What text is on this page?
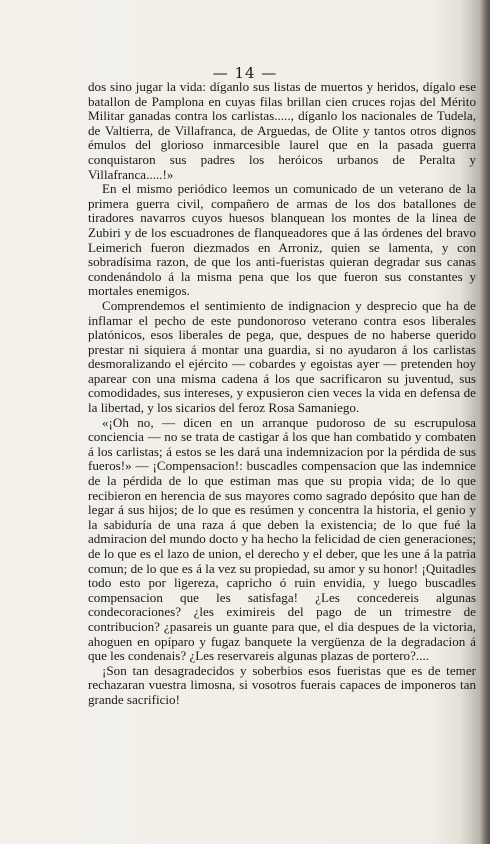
— 14 —

dos sino jugar la vida: díganlo sus listas de muertos y heridos, dígalo ese batallon de Pamplona en cuyas filas brillan cien cruces rojas del Mérito Militar ganadas contra los carlistas....., díganlo los nacionales de Tudela, de Valtierra, de Villafranca, de Arguedas, de Olite y tantos otros dignos émulos del glorioso inmarcesible laurel que en la pasada guerra conquistaron sus padres los heróicos urbanos de Peralta y Villafranca.....!»

En el mismo periódico leemos un comunicado de un veterano de la primera guerra civil, compañero de armas de los dos batallones de tiradores navarros cuyos huesos blanquean los montes de la linea de Zubiri y de los escuadrones de flanqueadores que á las órdenes del bravo Leimerich fueron diezmados en Arroniz, quien se lamenta, y con sobradísima razon, de que los anti-fueristas quieran degradar sus canas condenándolo á la misma pena que los que fueron sus constantes y mortales enemigos.

Comprendemos el sentimiento de indignacion y desprecio que ha de inflamar el pecho de este pundonoroso veterano contra esos liberales platónicos, esos liberales de pega, que, despues de no haberse querido prestar ni siquiera á montar una guardia, si no ayudaron á los carlistas desmoralizando el ejército — cobardes y egoistas ayer — pretenden hoy aparear con una misma cadena á los que sacrificaron su juventud, sus comodidades, sus intereses, y expusieron cien veces la vida en defensa de la libertad, y los sicarios del feroz Rosa Samaniego.

«¡Oh no, — dicen en un arranque pudoroso de su escrupulosa conciencia — no se trata de castigar á los que han combatido y combaten á los carlistas; á estos se les dará una indemnizacion por la pérdida de sus fueros!» — ¡Compensacion!: buscadles compensacion que las indemnice de la pérdida de lo que estiman mas que su propia vida; de lo que recibieron en herencia de sus mayores como sagrado depósito que han de legar á sus hijos; de lo que es resúmen y concentra la historia, el genio y la sabiduría de una raza á que deben la existencia; de lo que fué la admiracion del mundo docto y ha hecho la felicidad de cien generaciones; de lo que es el lazo de union, el derecho y el deber, que les une á la patria comun; de lo que es á la vez su propiedad, su amor y su honor! ¡Quitadles todo esto por ligereza, capricho ó ruin envidia, y luego buscadles compensacion que les satisfaga! ¿Les concedereis algunas condecoraciones? ¿les eximireis del pago de un trimestre de contribucion? ¿pasareis un guante para que, el dia despues de la victoria, ahoguen en opíparo y fugaz banquete la vergüenza de la degradacion á que les condenais? ¿Les reservareis algunas plazas de portero?....

¡Son tan desagradecidos y soberbios esos fueristas que es de temer rechazaran vuestra limosna, si vosotros fuerais capaces de imponeros tan grande sacrificio!
